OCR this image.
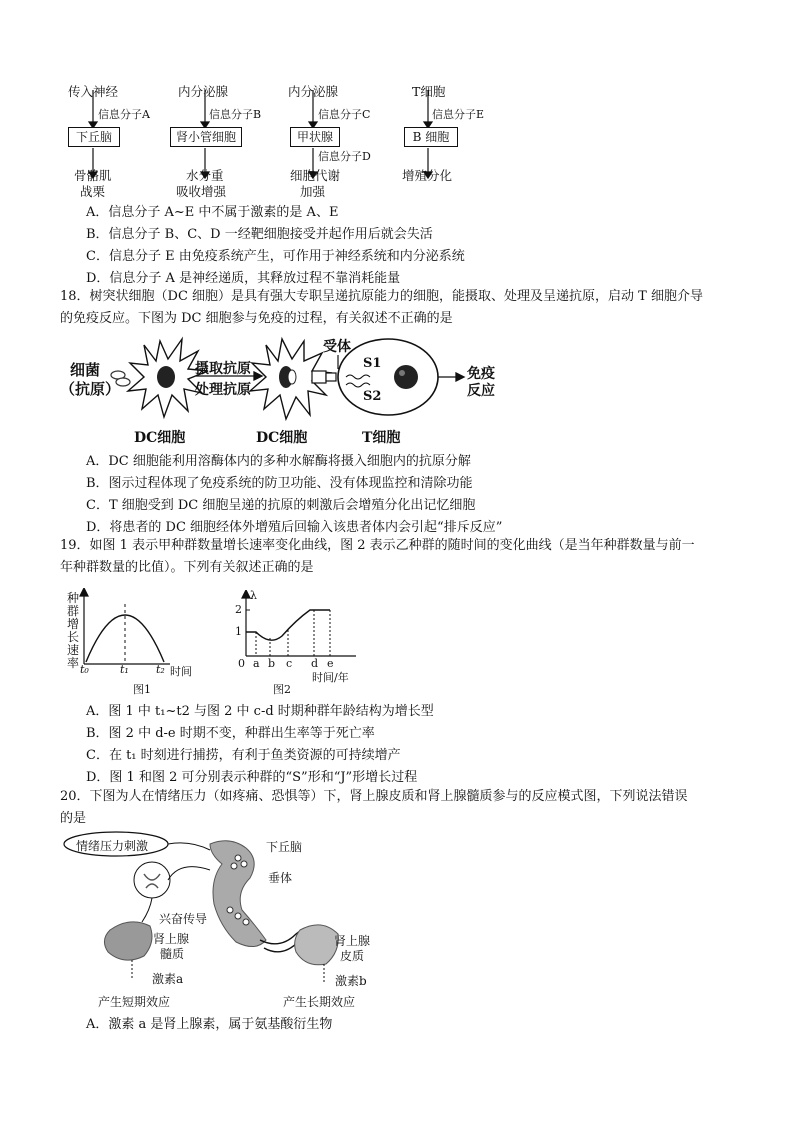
传入神经
信息分子A
下丘脑
骨骼肌
战栗
内分泌腺
信息分子B
肾小管细胞
水分重
吸收增强
内分泌腺
信息分子C
甲状腺
信息分子D
细胞代谢
加强
T细胞
信息分子E
B 细胞
增殖分化
A．信息分子 A~E 中不属于激素的是 A、E
B．信息分子 B、C、D 一经靶细胞接受并起作用后就会失活
C．信息分子 E 由免疫系统产生，可作用于神经系统和内分泌系统
D．信息分子 A 是神经递质，其释放过程不靠消耗能量
18．树突状细胞（DC 细胞）是具有强大专职呈递抗原能力的细胞，能摄取、处理及呈递抗原，启动 T 细胞介导
的免疫反应。下图为 DC 细胞参与免疫的过程，有关叙述不正确的是
细菌
（抗原）
摄取抗原
处理抗原
受体
S1
S2
免疫
反应
DC细胞	DC细胞	T细胞
A．DC 细胞能利用溶酶体内的多种水解酶将摄入细胞内的抗原分解
B．图示过程体现了免疫系统的防卫功能、没有体现监控和清除功能
C．T 细胞受到 DC 细胞呈递的抗原的刺激后会增殖分化出记忆细胞
D．将患者的 DC 细胞经体外增殖后回输入该患者体内会引起“排斥反应”
19．如图 1 表示甲种群数量增长速率变化曲线，图 2 表示乙种群的随时间的变化曲线（是当年种群数量与前一
年种群数量的比值）。下列有关叙述正确的是
种群增长速率 t₀	t₁ t₂ 时间
图1
λ
2
1
0 a b c d e
时间/年
图2
A．图 1 中 t₁~t2 与图 2 中 c-d 时期种群年龄结构为增长型
B．图 2 中 d-e 时期不变，种群出生率等于死亡率
C．在 t₁ 时刻进行捕捞，有利于鱼类资源的可持续增产
D．图 1 和图 2 可分别表示种群的“S”形和“J”形增长过程
20．下图为人在情绪压力（如疼痛、恐惧等）下，肾上腺皮质和肾上腺髓质参与的反应模式图，下列说法错误
的是
情绪压力刺激	下丘脑
垂体
兴奋传导
肾上腺
髓质
肾上腺
皮质
激素a	激素b
产生短期效应	产生长期效应
A．激素 a 是肾上腺素，属于氨基酸衍生物
